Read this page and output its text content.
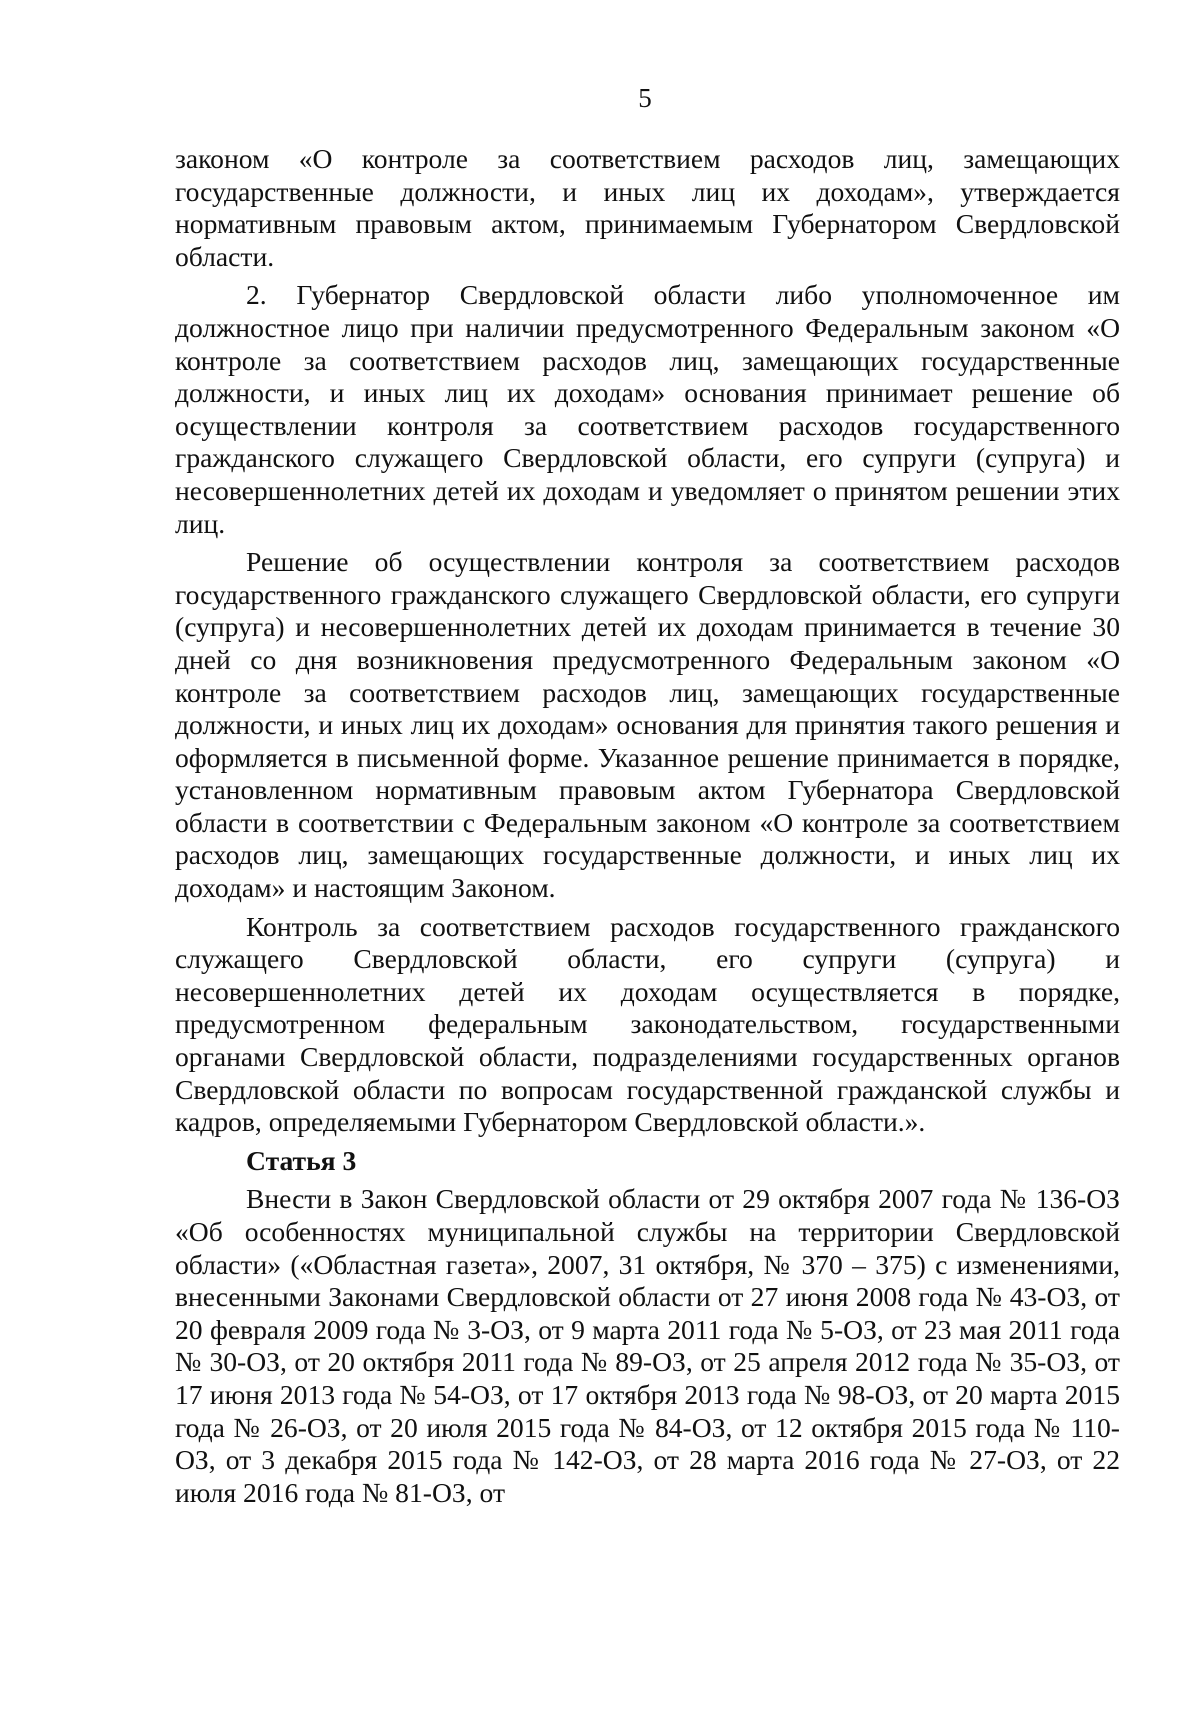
5

законом «О контроле за соответствием расходов лиц, замещающих государственные должности, и иных лиц их доходам», утверждается нормативным правовым актом, принимаемым Губернатором Свердловской области.

2. Губернатор Свердловской области либо уполномоченное им должностное лицо при наличии предусмотренного Федеральным законом «О контроле за соответствием расходов лиц, замещающих государственные должности, и иных лиц их доходам» основания принимает решение об осуществлении контроля за соответствием расходов государственного гражданского служащего Свердловской области, его супруги (супруга) и несовершеннолетних детей их доходам и уведомляет о принятом решении этих лиц.

Решение об осуществлении контроля за соответствием расходов государственного гражданского служащего Свердловской области, его супруги (супруга) и несовершеннолетних детей их доходам принимается в течение 30 дней со дня возникновения предусмотренного Федеральным законом «О контроле за соответствием расходов лиц, замещающих государственные должности, и иных лиц их доходам» основания для принятия такого решения и оформляется в письменной форме. Указанное решение принимается в порядке, установленном нормативным правовым актом Губернатора Свердловской области в соответствии с Федеральным законом «О контроле за соответствием расходов лиц, замещающих государственные должности, и иных лиц их доходам» и настоящим Законом.

Контроль за соответствием расходов государственного гражданского служащего Свердловской области, его супруги (супруга) и несовершеннолетних детей их доходам осуществляется в порядке, предусмотренном федеральным законодательством, государственными органами Свердловской области, подразделениями государственных органов Свердловской области по вопросам государственной гражданской службы и кадров, определяемыми Губернатором Свердловской области.».

Статья 3

Внести в Закон Свердловской области от 29 октября 2007 года № 136-ОЗ «Об особенностях муниципальной службы на территории Свердловской области» («Областная газета», 2007, 31 октября, № 370 – 375) с изменениями, внесенными Законами Свердловской области от 27 июня 2008 года № 43-ОЗ, от 20 февраля 2009 года № 3-ОЗ, от 9 марта 2011 года № 5-ОЗ, от 23 мая 2011 года № 30-ОЗ, от 20 октября 2011 года № 89-ОЗ, от 25 апреля 2012 года № 35-ОЗ, от 17 июня 2013 года № 54-ОЗ, от 17 октября 2013 года № 98-ОЗ, от 20 марта 2015 года № 26-ОЗ, от 20 июля 2015 года № 84-ОЗ, от 12 октября 2015 года № 110-ОЗ, от 3 декабря 2015 года № 142-ОЗ, от 28 марта 2016 года № 27-ОЗ, от 22 июля 2016 года № 81-ОЗ, от
